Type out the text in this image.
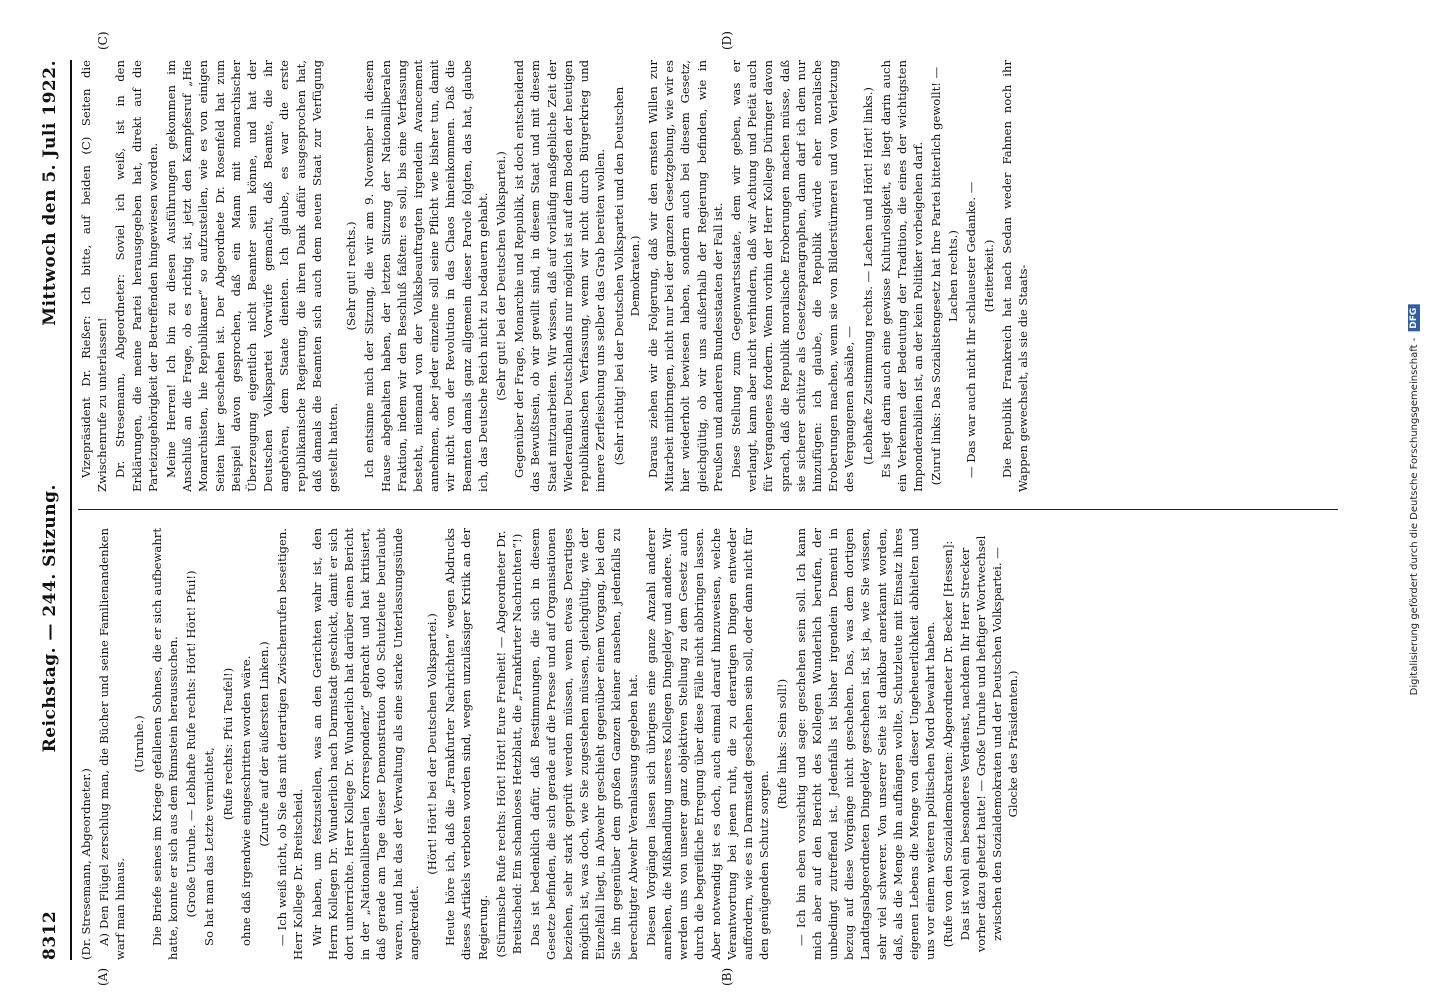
8312
Reichstag. — 244. Sitzung.
Mittwoch den 5. Juli 1922.
(A)	(B)
(C)	(D)

(Dr. Stresemann, Abgeordneter.) A) Den Flügel zerschlug man, die Bücher und seine Familienandenken warf man hinaus.

(Unruhe.) Die Briefe seines im Kriege gefallenen Sohnes, die er sich aufbewahrt hatte, konnte er sich aus dem Rinnstein heraussuchen. (Große Unruhe. — Lebhafte Rufe rechts: Hört! Hört! Pfui!) So hat man das Letzte vernichtet,

(Rufe rechts: Pfui Teufel!) ohne daß irgendwie eingeschritten worden wäre. (Zurufe auf der äußersten Linken.) — Ich weiß nicht, ob Sie das mit derartigen Zwischenrufen beseitigen. Herr Kollege Dr. Breitscheid. Wir haben, um festzustellen, was an den Gerichten wahr ist, den Herrn Kollegen Dr. Wunderlich nach Darmstadt geschickt, damit er sich dort unterrichte. Herr Kollege Dr. Wunderlich hat darüber einen Bericht in der „Nationalliberalen Korrespondenz“ gebracht und hat kritisiert, daß gerade am Tage dieser Demonstration 400 Schutzleute beurlaubt waren, und hat das der Verwaltung als eine starke Unterlassungssünde angekreidet.

(Hört! Hört! bei der Deutschen Volkspartei.) Heute höre ich, daß die „Frankfurter Nachrichten“ wegen Abdrucks dieses Artikels verboten worden sind, wegen unzulässiger Kritik an der Regierung. (Stürmische Rufe rechts: Hört! Hört! Eure Freiheit! — Abgeordneter Dr. Breitscheid: Ein schamloses Hetzblatt, die „Frankfurter Nachrichten“!) Das ist bedenklich dafür, daß Bestimmungen, die sich in diesem Gesetze befinden, die sich gerade auf die Presse und auf Organisationen beziehen, sehr stark geprüft werden müssen, wenn etwas Derartiges möglich ist, was doch, wie Sie zugestehen müssen, gleichgültig, wie der Einzelfall liegt, in Abwehr geschieht gegenüber einem Vorgang, bei dem Sie ihn gegenüber dem großen Ganzen kleiner ansehen, jedenfalls zu berechtigter Abwehr Veranlassung gegeben hat. Diesen Vorgängen lassen sich übrigens eine ganze Anzahl anderer anreihen, die Mißhandlung unseres Kollegen Dingeldey und andere. Wir werden uns von unserer ganz objektiven Stellung zu dem Gesetz auch durch die begreifliche Erregung über diese Fälle nicht abbringen lassen. Aber notwendig ist es doch, auch einmal darauf hinzuweisen, welche Verantwortung bei jenen ruht, die zu derartigen Dingen entweder auffordern, wie es in Darmstadt geschehen sein soll, oder dann nicht für den genügenden Schutz sorgen.

(Rufe links: Sein soll!) — Ich bin eben vorsichtig und sage: geschehen sein soll. Ich kann mich aber auf den Bericht des Kollegen Wunderlich berufen, der unbedingt zutreffend ist. Jedenfalls ist bisher irgendein Dementi in bezug auf diese Vorgänge nicht geschehen. Das, was dem dortigen Landtagsabgeordneten Dingeldey geschehen ist, ist ja, wie Sie wissen, sehr viel schwerer. Von unserer Seite ist dankbar anerkannt worden, daß, als die Menge ihn aufhängen wollte, Schutzleute mit Einsatz ihres eigenen Lebens die Menge von dieser Ungeheuerlichkeit abhielten und uns vor einem weiteren politischen Mord bewahrt haben. (Rufe von den Sozialdemokraten: Abgeordneter Dr. Becker [Hessen]: Das ist wohl ein besonderes Verdienst, nachdem Ihr Herr Strecker vorher dazu gehetzt hatte! — Große Unruhe und heftiger Wortwechsel zwischen den Sozialdemokraten und der Deutschen Volkspartei. — Glocke des Präsidenten.)

Vizepräsident Dr. Rießer: Ich bitte, auf beiden (C) Seiten die Zwischenrufe zu unterlassen! Dr. Stresemann, Abgeordneter: Soviel ich weiß, ist in den Erklärungen, die meine Partei herausgegeben hat, direkt auf die Parteizugehörigkeit der Betreffenden hingewiesen worden. Meine Herren! Ich bin zu diesen Ausführungen gekommen im Anschluß an die Frage, ob es richtig ist, jetzt den Kampfesruf „Hie Monarchisten, hie Republikaner“ so aufzustellen, wie es von einigen Seiten hier geschehen ist. Der Abgeordnete Dr. Rosenfeld hat zum Beispiel davon gesprochen, daß ein Mann mit monarchischer Überzeugung eigentlich nicht Beamter sein könne, und hat der Deutschen Volkspartei Vorwürfe gemacht, daß Beamte, die ihr angehören, dem Staate dienten. Ich glaube, es war die erste republikanische Regierung, die ihren Dank dafür ausgesprochen hat, daß damals die Beamten sich auch dem neuen Staat zur Verfügung gestellt hatten.

(Sehr gut! rechts.) Ich entsinne mich der Sitzung, die wir am 9. November in diesem Hause abgehalten haben, der letzten Sitzung der Nationalliberalen Fraktion, indem wir den Beschluß faßten: es soll, bis eine Verfassung besteht, niemand von der Volksbeauftragten irgendein Avancement annehmen, aber jeder einzelne soll seine Pflicht wie bisher tun, damit wir nicht von der Revolution in das Chaos hineinkommen. Daß die Beamten damals ganz allgemein dieser Parole folgten, das hat, glaube ich, das Deutsche Reich nicht zu bedauern gehabt. (Sehr gut! bei der Deutschen Volkspartei.) Gegenüber der Frage, Monarchie und Republik, ist doch entscheidend das Bewußtsein, ob wir gewillt sind, in diesem Staat und mit diesem Staat mitzuarbeiten. Wir wissen, daß auf vorläufig maßgebliche Zeit der Wiederaufbau Deutschlands nur möglich ist auf dem Boden der heutigen republikanischen Verfassung, wenn wir nicht durch Bürgerkrieg und innere Zerfleischung uns selber das Grab bereiten wollen. (Sehr richtig! bei der Deutschen Volkspartei und den Deutschen Demokraten.) Daraus ziehen wir die Folgerung, daß wir den ernsten Willen zur Mitarbeit mitbringen, nicht nur bei der ganzen Gesetzgebung, wie wir es hier wiederholt bewiesen haben, sondern auch bei diesem Gesetz, gleichgültig, ob wir uns außerhalb der Regierung befinden, wie in Preußen und anderen Bundesstaaten der Fall ist. Diese Stellung zum Gegenwartsstaate, dem wir geben, was er verlangt, kann aber nicht verhindern, daß wir Achtung und Pietät auch für Vergangenes fordern. Wenn vorhin der Herr Kollege Düringer davon sprach, daß die Republik moralische Eroberungen machen müsse, daß sie sicherer schütze als Gesetzesparagraphen, dann darf ich dem nur hinzufügen: ich glaube, die Republik würde eher moralische Eroberungen machen, wenn sie von Bilderstürmerei und von Verletzung des Vergangenen absähe, — (Lebhafte Zustimmung rechts. — Lachen und Hört! Hört! links.) Es liegt darin auch eine gewisse Kulturlosigkeit, es liegt darin auch ein Verkennen der Bedeutung der Tradition, die eines der wichtigsten Imponderabilien ist, an der kein Politiker vorbeigehen darf. (Zuruf links: Das Sozialistengesetz hat Ihre Partei bitterlich gewollt! — Lachen rechts.) — Das war auch nicht Ihr schlauester Gedanke. — (Heiterkeit.) Die Republik Frankreich hat nach Sedan weder Fahnen noch ihr Wappen gewechselt, als sie die Staats-	Digitalisierung gefördert durch die Deutsche Forschungsgemeinschaft -
DFG
